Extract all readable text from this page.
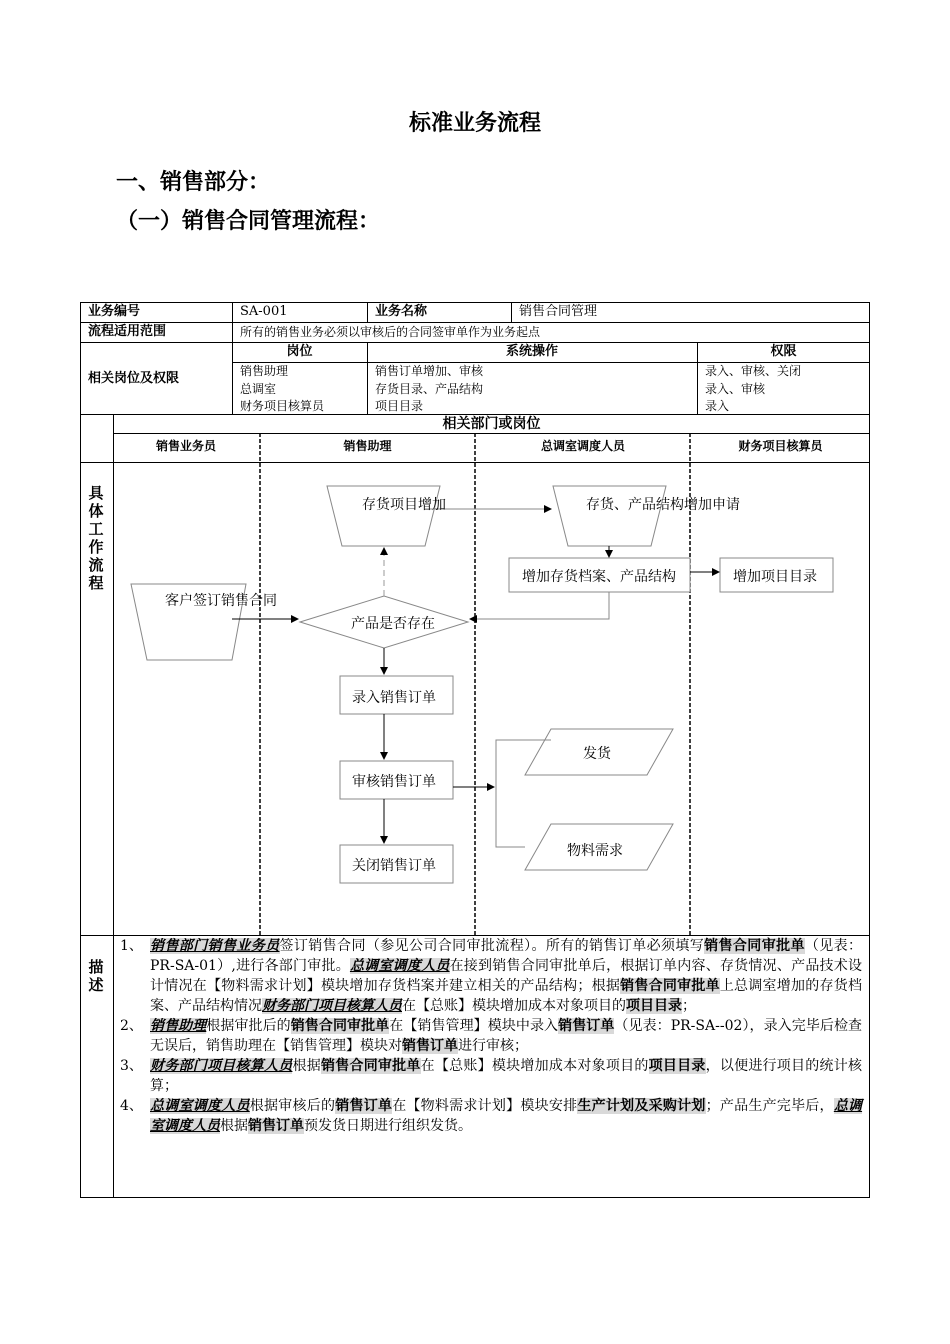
标准业务流程
一、销售部分：
（一）销售合同管理流程：
业务编号	SA-001	业务名称	销售合同管理
流程适用范围	所有的销售业务必须以审核后的合同签审单作为业务起点
相关岗位及权限
岗位	系统操作	权限
销售助理	销售订单增加、审核	录入、审核、关闭
总调室	存货目录、产品结构	录入、审核
财务项目核算员	项目目录	录入
相关部门或岗位
销售业务员	销售助理	总调室调度人员	财务项目核算员
具
体
工
作
流
程
描
述
客户签订销售合同
存货项目增加	存货、产品结构增加申请
增加存货档案、产品结构	增加项目目录
产品是否存在
录入销售订单
审核销售订单
关闭销售订单
发货
物料需求

1、 销售部门销售业务员签订销售合同（参见公司合同审批流程）。所有的销售订单必须填写销售合同审批单（见表：PR-SA-01）,进行各部门审批。总调室调度人员在接到销售合同审批单后，根据订单内容、存货情况、产品技术设计情况在【物料需求计划】模块增加存货档案并建立相关的产品结构；根据销售合同审批单上总调室增加的存货档案、产品结构情况财务部门项目核算人员在【总账】模块增加成本对象项目的项目目录；

2、 销售助理根据审批后的销售合同审批单在【销售管理】模块中录入销售订单（见表：PR-SA--02），录入完毕后检查无误后，销售助理在【销售管理】模块对销售订单进行审核；

3、 财务部门项目核算人员根据销售合同审批单在【总账】模块增加成本对象项目的项目目录，以便进行项目的统计核算；

4、 总调室调度人员根据审核后的销售订单在【物料需求计划】模块安排生产计划及采购计划；产品生产完毕后，总调室调度人员根据销售订单预发货日期进行组织发货。
